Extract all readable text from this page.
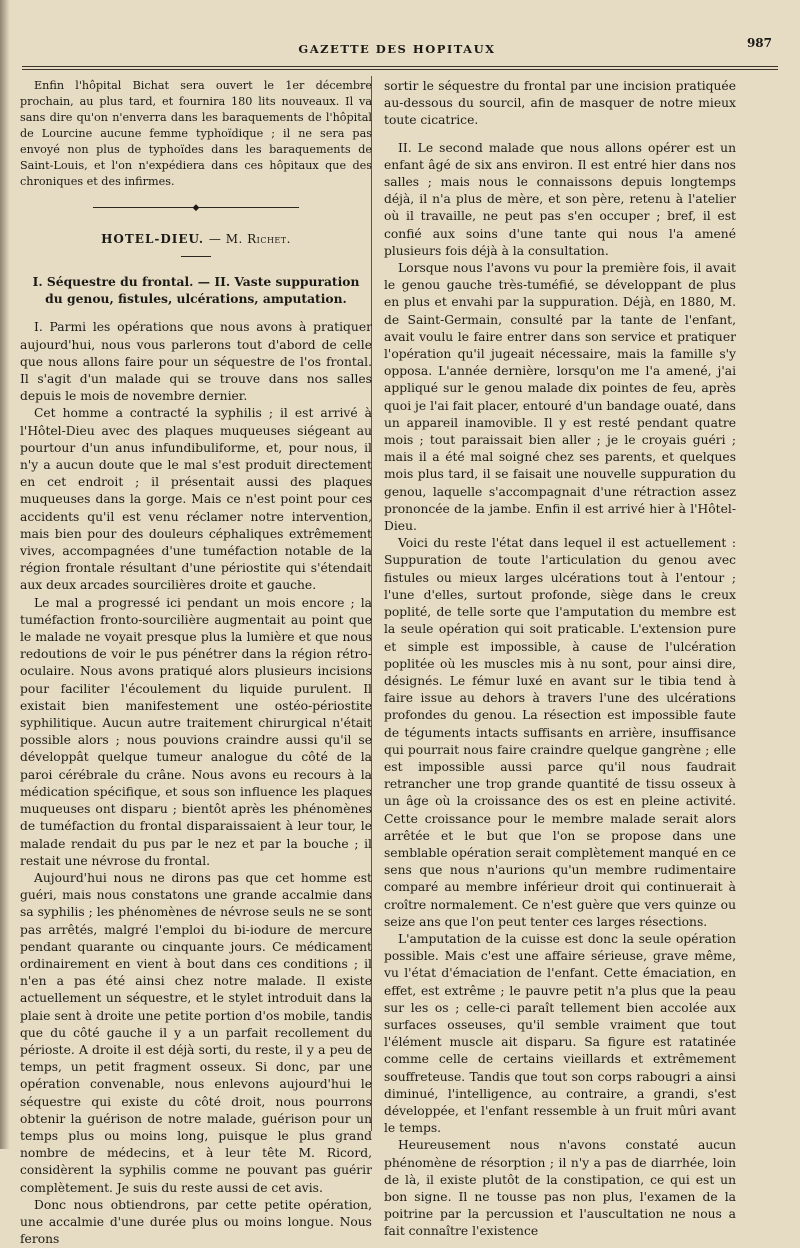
GAZETTE DES HOPITAUX	987

Enfin l'hôpital Bichat sera ouvert le 1er décembre prochain, au plus tard, et fournira 180 lits nouveaux. Il va sans dire qu'on n'enverra dans les baraquements de l'hôpital de Lourcine aucune femme typhoïdique ; il ne sera pas envoyé non plus de typhoïdes dans les baraquements de Saint-Louis, et l'on n'expédiera dans ces hôpitaux que des chroniques et des infirmes.

◆
HOTEL-DIEU. — M. Richet.
I. Séquestre du frontal. — II. Vaste suppuration
du genou, fistules, ulcérations, amputation.

I. Parmi les opérations que nous avons à pratiquer aujourd'hui, nous vous parlerons tout d'abord de celle que nous allons faire pour un séquestre de l'os frontal. Il s'agit d'un malade qui se trouve dans nos salles depuis le mois de novembre dernier.

Cet homme a contracté la syphilis ; il est arrivé à l'Hôtel-Dieu avec des plaques muqueuses siégeant au pourtour d'un anus infundibuliforme, et, pour nous, il n'y a aucun doute que le mal s'est produit directement en cet endroit ; il présentait aussi des plaques muqueuses dans la gorge. Mais ce n'est point pour ces accidents qu'il est venu réclamer notre intervention, mais bien pour des douleurs céphaliques extrêmement vives, accompagnées d'une tuméfaction notable de la région frontale résultant d'une périostite qui s'étendait aux deux arcades sourcilières droite et gauche.

Le mal a progressé ici pendant un mois encore ; la tuméfaction fronto-sourcilière augmentait au point que le malade ne voyait presque plus la lumière et que nous redoutions de voir le pus pénétrer dans la région rétro-oculaire. Nous avons pratiqué alors plusieurs incisions pour faciliter l'écoulement du liquide purulent. Il existait bien manifestement une ostéo-périostite syphilitique. Aucun autre traitement chirurgical n'était possible alors ; nous pouvions craindre aussi qu'il se développât quelque tumeur analogue du côté de la paroi cérébrale du crâne. Nous avons eu recours à la médication spécifique, et sous son influence les plaques muqueuses ont disparu ; bientôt après les phénomènes de tuméfaction du frontal disparaissaient à leur tour, le malade rendait du pus par le nez et par la bouche ; il restait une névrose du frontal.

Aujourd'hui nous ne dirons pas que cet homme est guéri, mais nous constatons une grande accalmie dans sa syphilis ; les phénomènes de névrose seuls ne se sont pas arrêtés, malgré l'emploi du bi-iodure de mercure pendant quarante ou cinquante jours. Ce médicament ordinairement en vient à bout dans ces conditions ; il n'en a pas été ainsi chez notre malade. Il existe actuellement un séquestre, et le stylet introduit dans la plaie sent à droite une petite portion d'os mobile, tandis que du côté gauche il y a un parfait recollement du périoste. A droite il est déjà sorti, du reste, il y a peu de temps, un petit fragment osseux. Si donc, par une opération convenable, nous enlevons aujourd'hui le séquestre qui existe du côté droit, nous pourrons obtenir la guérison de notre malade, guérison pour un temps plus ou moins long, puisque le plus grand nombre de médecins, et à leur tête M. Ricord, considèrent la syphilis comme ne pouvant pas guérir complètement. Je suis du reste aussi de cet avis.

Donc nous obtiendrons, par cette petite opération, une accalmie d'une durée plus ou moins longue. Nous ferons

sortir le séquestre du frontal par une incision pratiquée au-dessous du sourcil, afin de masquer de notre mieux toute cicatrice.

II. Le second malade que nous allons opérer est un enfant âgé de six ans environ. Il est entré hier dans nos salles ; mais nous le connaissons depuis longtemps déjà, il n'a plus de mère, et son père, retenu à l'atelier où il travaille, ne peut pas s'en occuper ; bref, il est confié aux soins d'une tante qui nous l'a amené plusieurs fois déjà à la consultation.

Lorsque nous l'avons vu pour la première fois, il avait le genou gauche très-tuméfié, se développant de plus en plus et envahi par la suppuration. Déjà, en 1880, M. de Saint-Germain, consulté par la tante de l'enfant, avait voulu le faire entrer dans son service et pratiquer l'opération qu'il jugeait nécessaire, mais la famille s'y opposa. L'année dernière, lorsqu'on me l'a amené, j'ai appliqué sur le genou malade dix pointes de feu, après quoi je l'ai fait placer, entouré d'un bandage ouaté, dans un appareil inamovible. Il y est resté pendant quatre mois ; tout paraissait bien aller ; je le croyais guéri ; mais il a été mal soigné chez ses parents, et quelques mois plus tard, il se faisait une nouvelle suppuration du genou, laquelle s'accompagnait d'une rétraction assez prononcée de la jambe. Enfin il est arrivé hier à l'Hôtel-Dieu.

Voici du reste l'état dans lequel il est actuellement : Suppuration de toute l'articulation du genou avec fistules ou mieux larges ulcérations tout à l'entour ; l'une d'elles, surtout profonde, siège dans le creux poplité, de telle sorte que l'amputation du membre est la seule opération qui soit praticable. L'extension pure et simple est impossible, à cause de l'ulcération poplitée où les muscles mis à nu sont, pour ainsi dire, désignés. Le fémur luxé en avant sur le tibia tend à faire issue au dehors à travers l'une des ulcérations profondes du genou. La résection est impossible faute de téguments intacts suffisants en arrière, insuffisance qui pourrait nous faire craindre quelque gangrène ; elle est impossible aussi parce qu'il nous faudrait retrancher une trop grande quantité de tissu osseux à un âge où la croissance des os est en pleine activité. Cette croissance pour le membre malade serait alors arrêtée et le but que l'on se propose dans une semblable opération serait complètement manqué en ce sens que nous n'aurions qu'un membre rudimentaire comparé au membre inférieur droit qui continuerait à croître normalement. Ce n'est guère que vers quinze ou seize ans que l'on peut tenter ces larges résections.

L'amputation de la cuisse est donc la seule opération possible. Mais c'est une affaire sérieuse, grave même, vu l'état d'émaciation de l'enfant. Cette émaciation, en effet, est extrême ; le pauvre petit n'a plus que la peau sur les os ; celle-ci paraît tellement bien accolée aux surfaces osseuses, qu'il semble vraiment que tout l'élément muscle ait disparu. Sa figure est ratatinée comme celle de certains vieillards et extrêmement souffreteuse. Tandis que tout son corps rabougri a ainsi diminué, l'intelligence, au contraire, a grandi, s'est développée, et l'enfant ressemble à un fruit mûri avant le temps.

Heureusement nous n'avons constaté aucun phénomène de résorption ; il n'y a pas de diarrhée, loin de là, il existe plutôt de la constipation, ce qui est un bon signe. Il ne tousse pas non plus, l'examen de la poitrine par la percussion et l'auscultation ne nous a fait connaître l'existence
